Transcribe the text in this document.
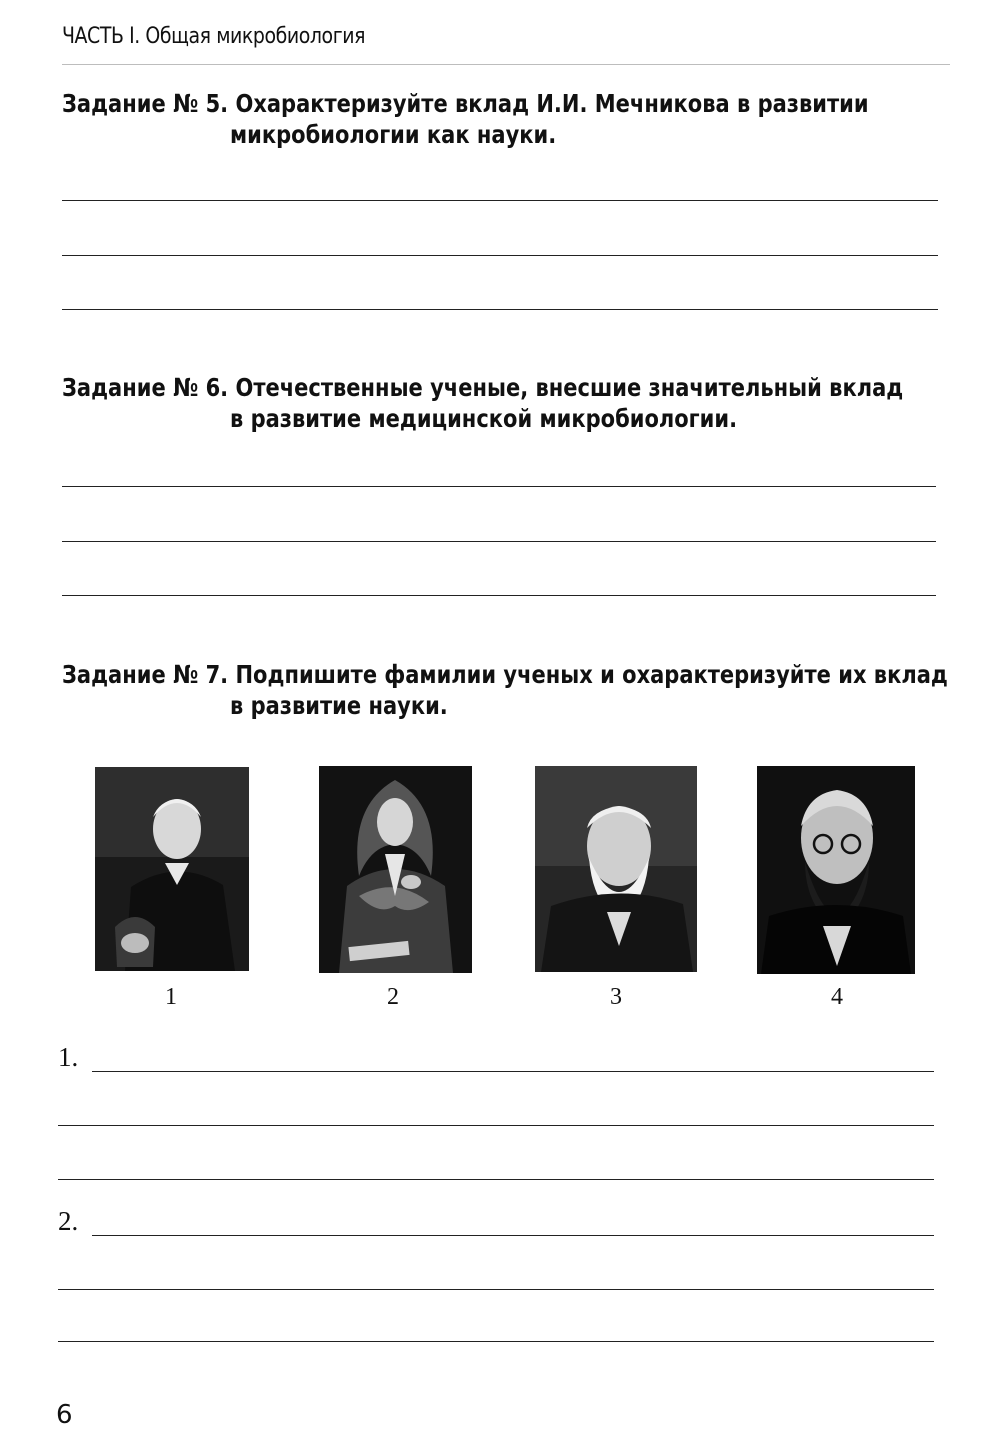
ЧАСТЬ I. Общая микробиология
Задание № 5. Охарактеризуйте вклад И.И. Мечникова в развитии
микробиологии как науки.
Задание № 6. Отечественные ученые, внесшие значительный вклад
в развитие медицинской микробиологии.
Задание № 7. Подпишите фамилии ученых и охарактеризуйте их вклад
в развитие науки.
1	2	3	4
1.
2.
6
